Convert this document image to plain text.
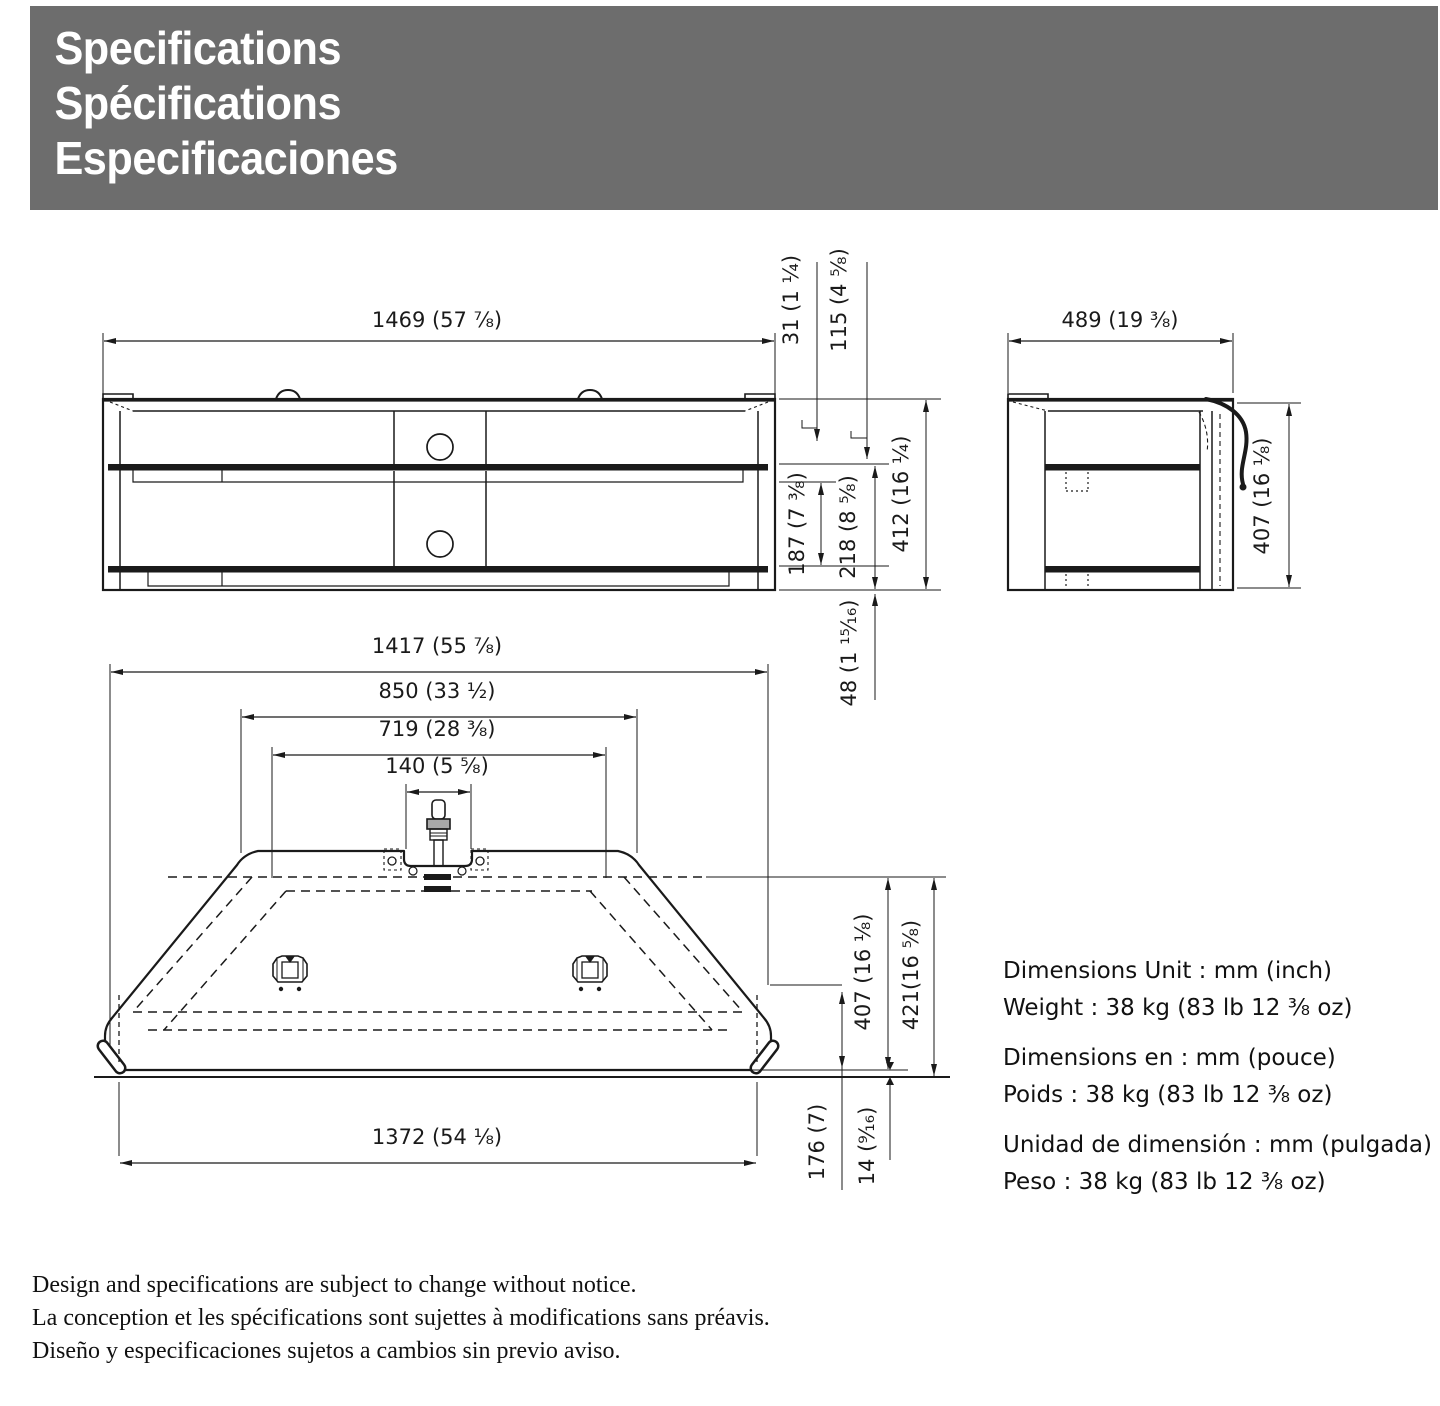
Specifications
Spécifications
Especificaciones
1469 (57 ⁷⁄₈)	31 (1 ¹⁄₄) 115 (4 ⁵⁄₈)
187 (7 ³⁄₈) 218 (8 ⁵⁄₈) 412 (16 ¹⁄₄)
48 (1 ¹⁵⁄₁₆)
489 (19 ³⁄₈)
407 (16 ¹⁄₈)
1417 (55 ⁷⁄₈)
850 (33 ¹⁄₂)
719 (28 ³⁄₈)
140 (5 ⁵⁄₈)
407 (16 ¹⁄₈) 421(16 ⁵⁄₈)
176 (7) 14 (⁹⁄₁₆)
1372 (54 ¹⁄₈)
Dimensions Unit : mm (inch)
Weight : 38 kg (83 lb 12 ³⁄₈ oz)
Dimensions en : mm (pouce)
Poids : 38 kg (83 lb 12 ³⁄₈ oz)
Unidad de dimensión : mm (pulgada)
Peso : 38 kg (83 lb 12 ³⁄₈ oz)
Design and specifications are subject to change without notice.
La conception et les spécifications sont sujettes à modifications sans préavis.
Diseño y especificaciones sujetos a cambios sin previo aviso.
